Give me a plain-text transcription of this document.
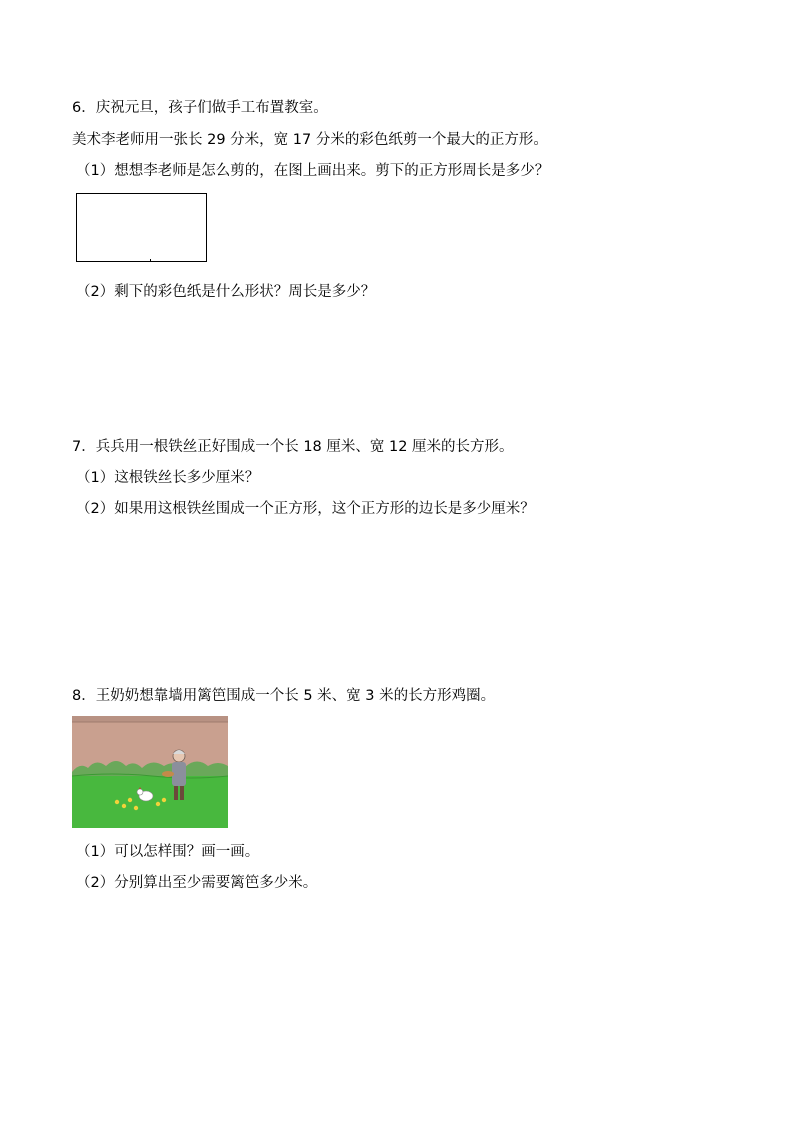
6．庆祝元旦，孩子们做手工布置教室。
美术李老师用一张长 29 分米，宽 17 分米的彩色纸剪一个最大的正方形。
（1）想想李老师是怎么剪的，在图上画出来。剪下的正方形周长是多少？
（2）剩下的彩色纸是什么形状？周长是多少？
7．兵兵用一根铁丝正好围成一个长 18 厘米、宽 12 厘米的长方形。
（1）这根铁丝长多少厘米？
（2）如果用这根铁丝围成一个正方形，这个正方形的边长是多少厘米？
8．王奶奶想靠墙用篱笆围成一个长 5 米、宽 3 米的长方形鸡圈。
（1）可以怎样围？画一画。
（2）分别算出至少需要篱笆多少米。
